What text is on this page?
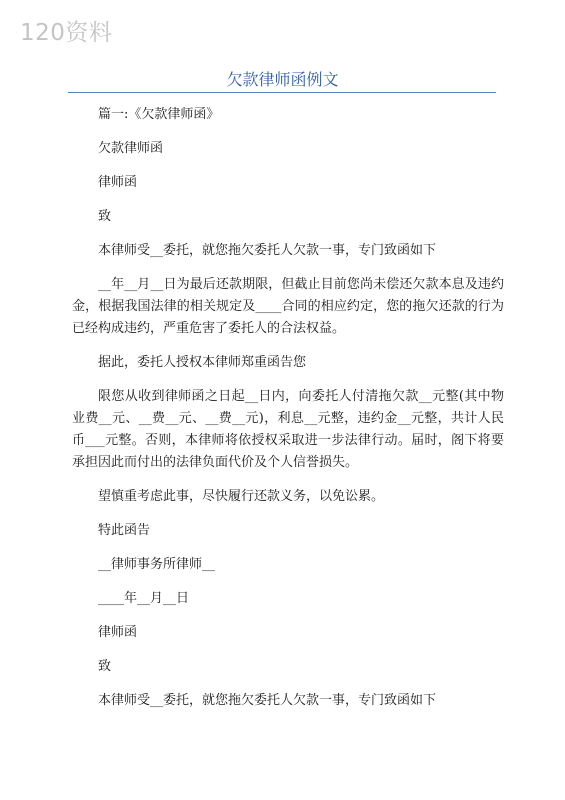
120资料
欠款律师函例文

篇一:《欠款律师函》

欠款律师函

律师函

致

本律师受__委托，就您拖欠委托人欠款一事，专门致函如下

__年__月__日为最后还款期限，但截止目前您尚未偿还欠款本息及违约金，根据我国法律的相关规定及____合同的相应约定，您的拖欠还款的行为已经构成违约，严重危害了委托人的合法权益。

据此，委托人授权本律师郑重函告您

限您从收到律师函之日起__日内，向委托人付清拖欠款__元整(其中物业费__元、__费__元、__费__元)，利息__元整，违约金__元整，共计人民币___元整。否则，本律师将依授权采取进一步法律行动。届时，阁下将要承担因此而付出的法律负面代价及个人信誉损失。

望慎重考虑此事，尽快履行还款义务，以免讼累。

特此函告

__律师事务所律师__

____年__月__日

律师函

致

本律师受__委托，就您拖欠委托人欠款一事，专门致函如下
